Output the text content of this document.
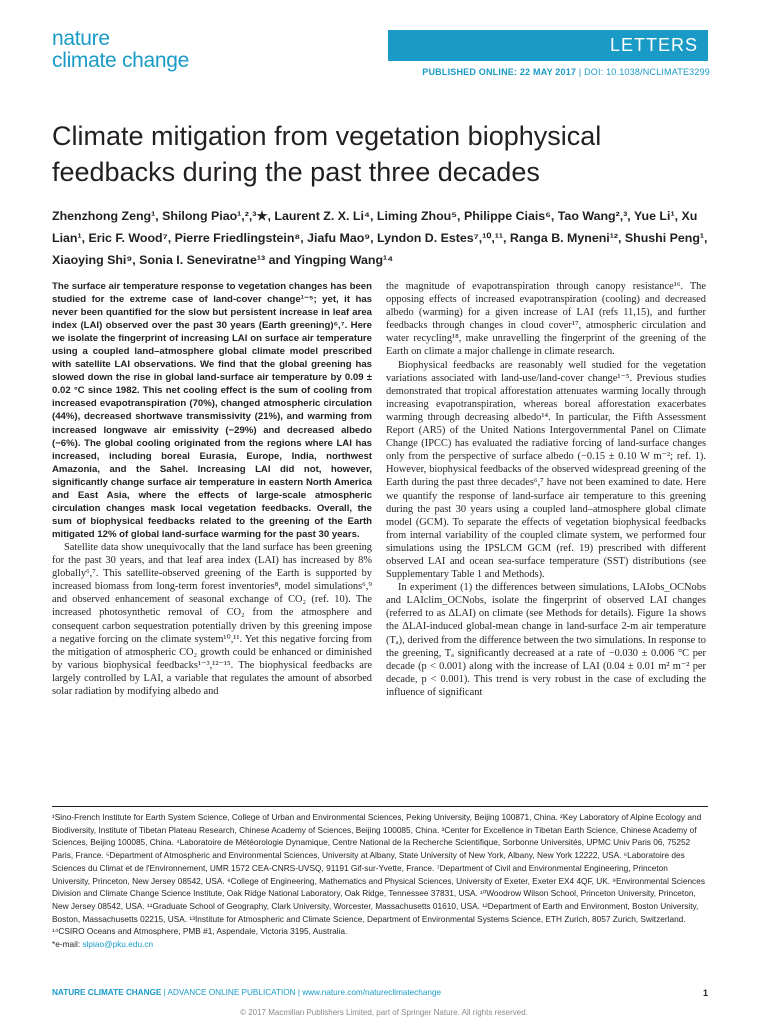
nature
climate change
LETTERS
PUBLISHED ONLINE: 22 MAY 2017 | DOI: 10.1038/NCLIMATE3299
Climate mitigation from vegetation biophysical feedbacks during the past three decades
Zhenzhong Zeng¹, Shilong Piao¹,²,³★, Laurent Z. X. Li⁴, Liming Zhou⁵, Philippe Ciais⁶, Tao Wang²,³, Yue Li¹, Xu Lian¹, Eric F. Wood⁷, Pierre Friedlingstein⁸, Jiafu Mao⁹, Lyndon D. Estes⁷,¹⁰,¹¹, Ranga B. Myneni¹², Shushi Peng¹, Xiaoying Shi⁹, Sonia I. Seneviratne¹³ and Yingping Wang¹⁴

The surface air temperature response to vegetation changes has been studied for the extreme case of land-cover change¹⁻⁵; yet, it has never been quantified for the slow but persistent increase in leaf area index (LAI) observed over the past 30 years (Earth greening)⁶,⁷. Here we isolate the fingerprint of increasing LAI on surface air temperature using a coupled land–atmosphere global climate model prescribed with satellite LAI observations. We find that the global greening has slowed down the rise in global land-surface air temperature by 0.09 ± 0.02 °C since 1982. This net cooling effect is the sum of cooling from increased evapotranspiration (70%), changed atmospheric circulation (44%), decreased shortwave transmissivity (21%), and warming from increased longwave air emissivity (−29%) and decreased albedo (−6%). The global cooling originated from the regions where LAI has increased, including boreal Eurasia, Europe, India, northwest Amazonia, and the Sahel. Increasing LAI did not, however, significantly change surface air temperature in eastern North America and East Asia, where the effects of large-scale atmospheric circulation changes mask local vegetation feedbacks. Overall, the sum of biophysical feedbacks related to the greening of the Earth mitigated 12% of global land-surface warming for the past 30 years.

Satellite data show unequivocally that the land surface has been greening for the past 30 years, and that leaf area index (LAI) has increased by 8% globally⁶,⁷. This satellite-observed greening of the Earth is supported by increased biomass from long-term forest inventories⁸, model simulations⁶,⁹ and observed enhancement of seasonal exchange of CO₂ (ref. 10). The increased photosynthetic removal of CO₂ from the atmosphere and consequent carbon sequestration potentially driven by this greening impose a negative forcing on the climate system¹⁰,¹¹. Yet this negative forcing from the mitigation of atmospheric CO₂ growth could be enhanced or diminished by various biophysical feedbacks¹⁻³,¹²⁻¹⁵. The biophysical feedbacks are largely controlled by LAI, a variable that regulates the amount of absorbed solar radiation by modifying albedo and

the magnitude of evapotranspiration through canopy resistance¹⁶. The opposing effects of increased evapotranspiration (cooling) and decreased albedo (warming) for a given increase of LAI (refs 11,15), and further feedbacks through changes in cloud cover¹⁷, atmospheric circulation and water recycling¹⁸, make unravelling the fingerprint of the greening of the Earth on climate a major challenge in climate research.

Biophysical feedbacks are reasonably well studied for the vegetation variations associated with land-use/land-cover change¹⁻⁵. Previous studies demonstrated that tropical afforestation attenuates warming locally through increasing evapotranspiration, whereas boreal afforestation exacerbates warming through decreasing albedo¹⁴. In particular, the Fifth Assessment Report (AR5) of the United Nations Intergovernmental Panel on Climate Change (IPCC) has evaluated the radiative forcing of land-surface changes only from the perspective of surface albedo (−0.15 ± 0.10 W m⁻²; ref. 1). However, biophysical feedbacks of the observed widespread greening of the Earth during the past three decades⁶,⁷ have not been examined to date. Here we quantify the response of land-surface air temperature to this greening during the past 30 years using a coupled land–atmosphere global climate model (GCM). To separate the effects of vegetation biophysical feedbacks from internal variability of the coupled climate system, we performed four simulations using the IPSLCM GCM (ref. 19) prescribed with different observed LAI and ocean sea-surface temperature (SST) distributions (see Supplementary Table 1 and Methods).

In experiment (1) the differences between simulations, LAIobs_OCNobs and LAIclim_OCNobs, isolate the fingerprint of observed LAI changes (referred to as ΔLAI) on climate (see Methods for details). Figure 1a shows the ΔLAI-induced global-mean change in land-surface 2-m air temperature (Tₐ), derived from the difference between the two simulations. In response to the greening, Tₐ significantly decreased at a rate of −0.030 ± 0.006 °C per decade (p < 0.001) along with the increase of LAI (0.04 ± 0.01 m² m⁻² per decade, p < 0.001). This trend is very robust in the case of excluding the influence of significant

¹Sino-French Institute for Earth System Science, College of Urban and Environmental Sciences, Peking University, Beijing 100871, China. ²Key Laboratory of Alpine Ecology and Biodiversity, Institute of Tibetan Plateau Research, Chinese Academy of Sciences, Beijing 100085, China. ³Center for Excellence in Tibetan Earth Science, Chinese Academy of Sciences, Beijing 100085, China. ⁴Laboratoire de Météorologie Dynamique, Centre National de la Recherche Scientifique, Sorbonne Universités, UPMC Univ Paris 06, 75252 Paris, France. ⁵Department of Atmospheric and Environmental Sciences, University at Albany, State University of New York, Albany, New York 12222, USA. ⁶Laboratoire des Sciences du Climat et de l'Environnement, UMR 1572 CEA-CNRS-UVSQ, 91191 Gif-sur-Yvette, France. ⁷Department of Civil and Environmental Engineering, Princeton University, Princeton, New Jersey 08542, USA. ⁸College of Engineering, Mathematics and Physical Sciences, University of Exeter, Exeter EX4 4QF, UK. ⁹Environmental Sciences Division and Climate Change Science Institute, Oak Ridge National Laboratory, Oak Ridge, Tennessee 37831, USA. ¹⁰Woodrow Wilson School, Princeton University, Princeton, New Jersey 08542, USA. ¹¹Graduate School of Geography, Clark University, Worcester, Massachusetts 01610, USA. ¹²Department of Earth and Environment, Boston University, Boston, Massachusetts 02215, USA. ¹³Institute for Atmospheric and Climate Science, Department of Environmental Systems Science, ETH Zurich, 8057 Zurich, Switzerland. ¹⁴CSIRO Oceans and Atmosphere, PMB #1, Aspendale, Victoria 3195, Australia.
*e-mail: slpiao@pku.edu.cn
NATURE CLIMATE CHANGE | ADVANCE ONLINE PUBLICATION | www.nature.com/natureclimatechange	1
© 2017 Macmillan Publishers Limited, part of Springer Nature. All rights reserved.
